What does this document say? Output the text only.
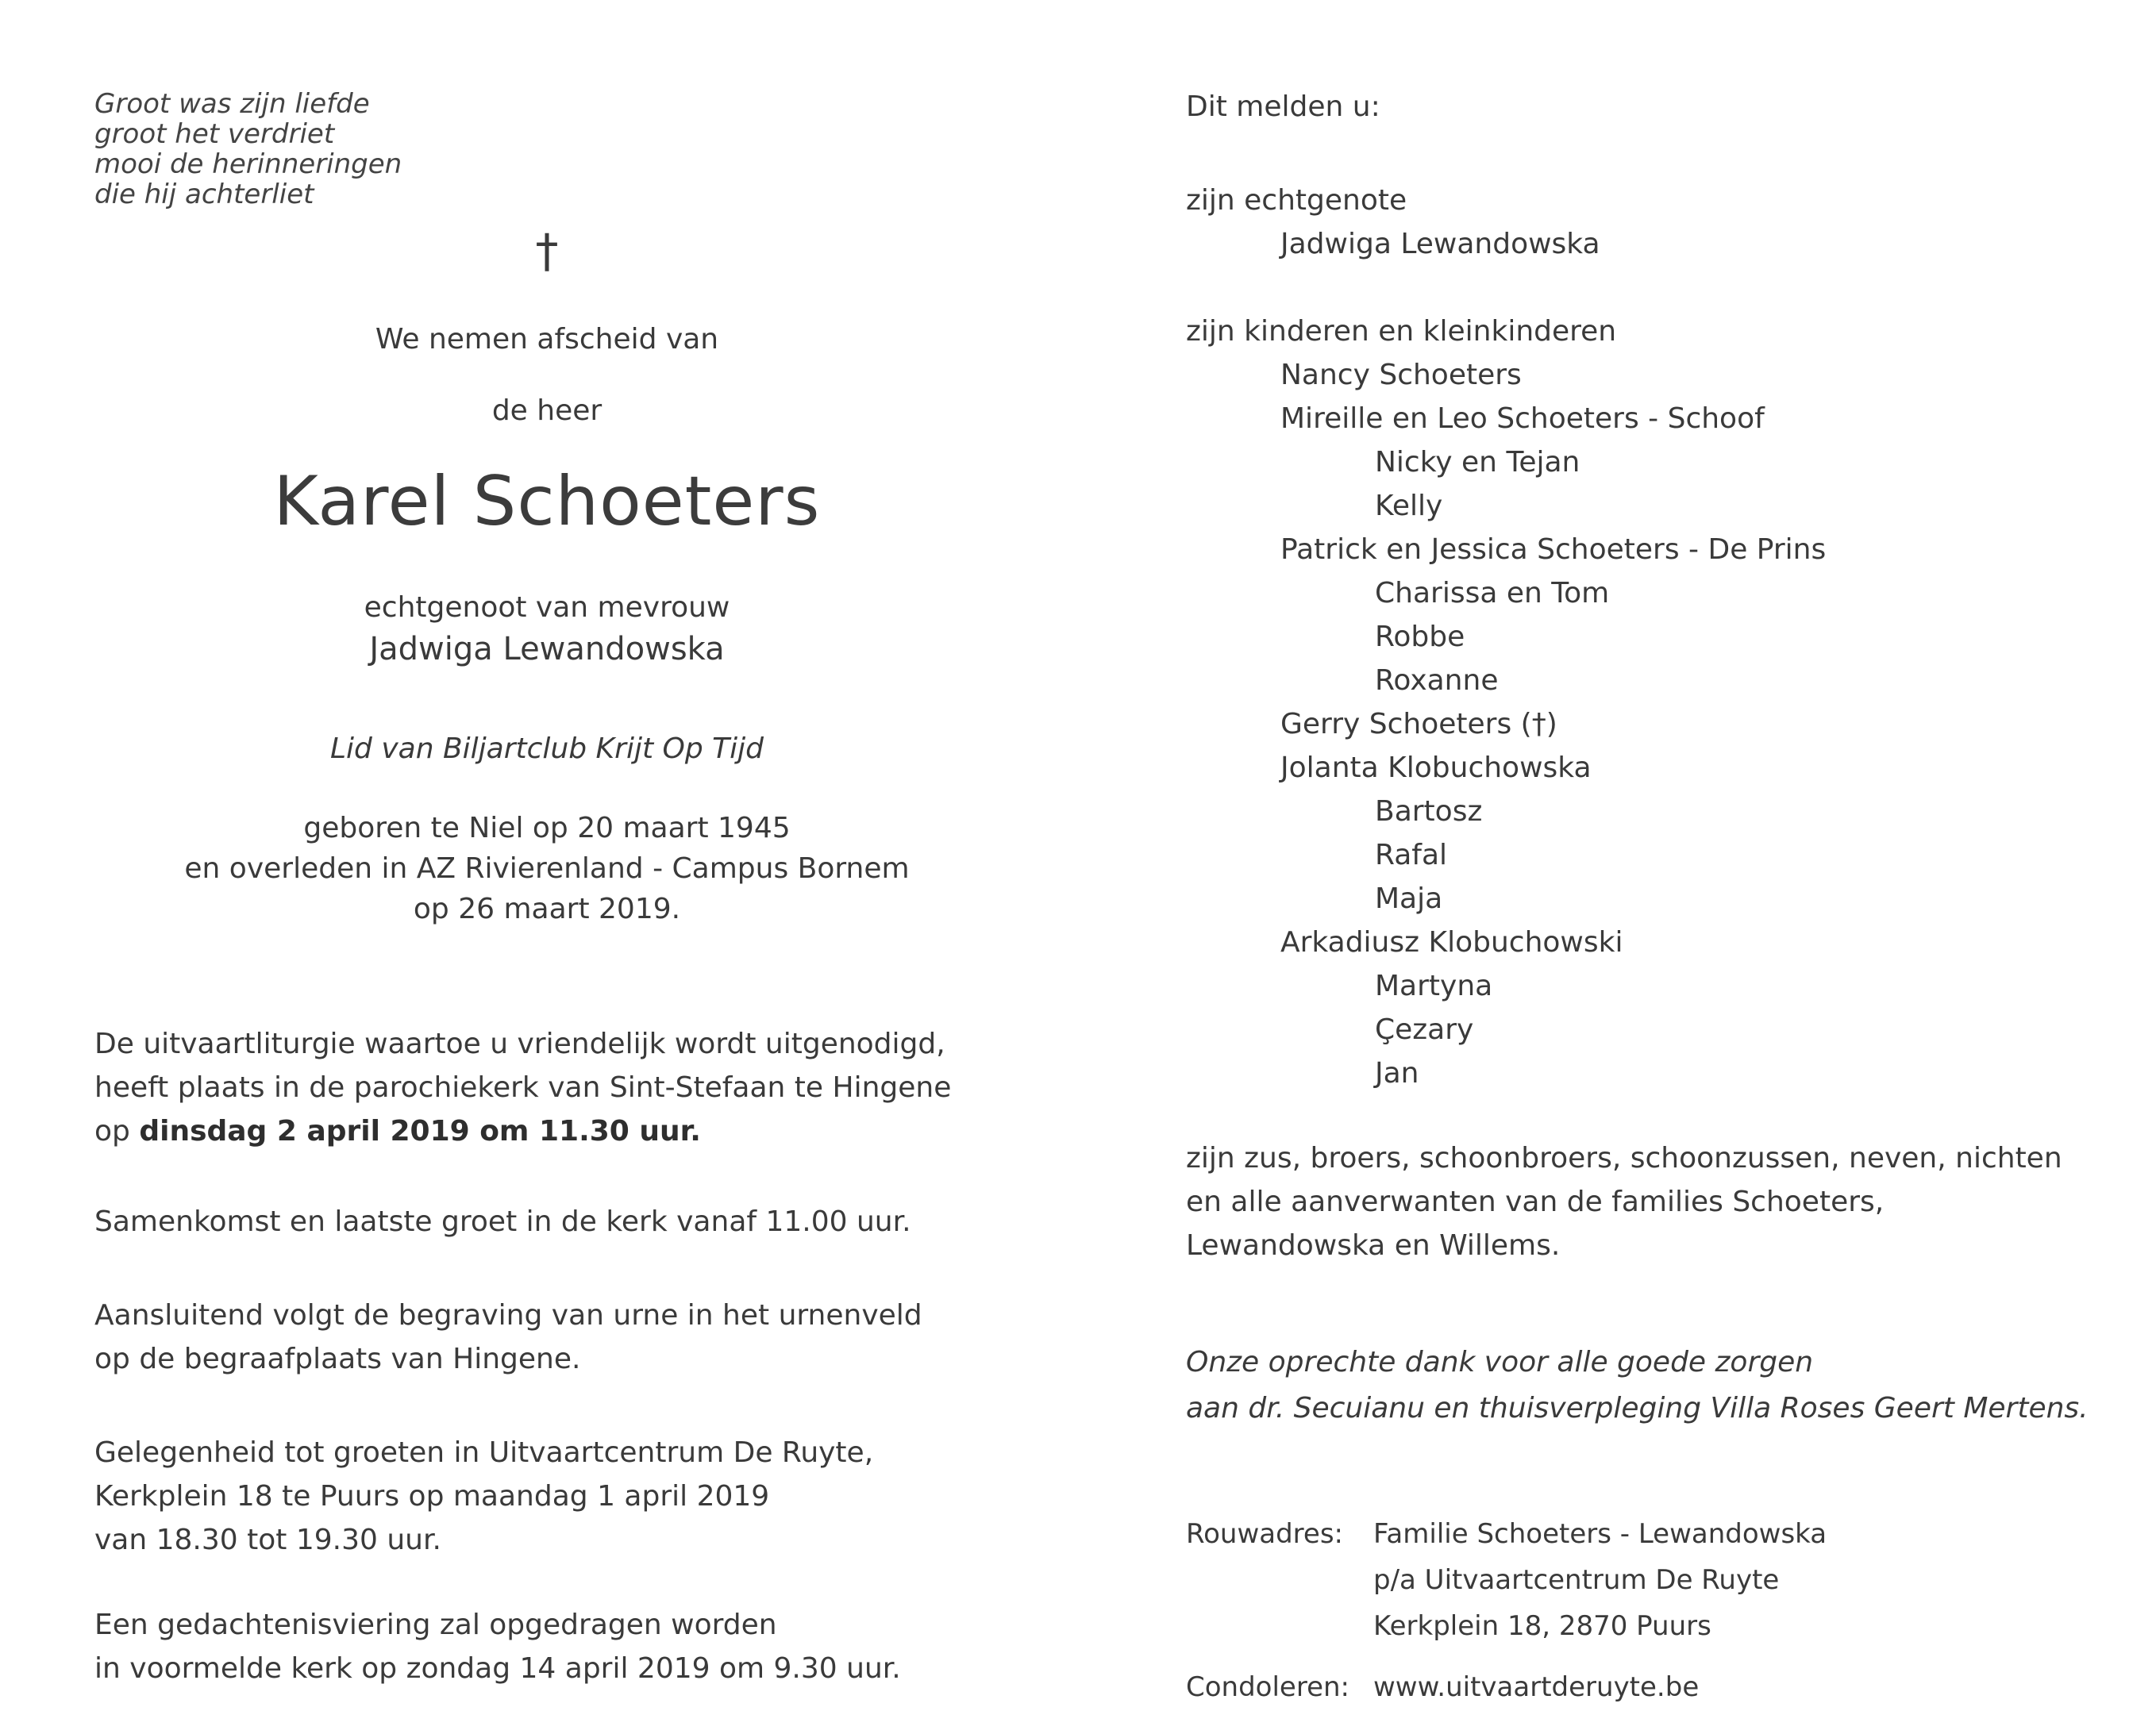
Groot was zijn liefde
groot het verdriet
mooi de herinneringen
die hij achterliet
†
We nemen afscheid van
de heer
Karel Schoeters
echtgenoot van mevrouw
Jadwiga Lewandowska
Lid van Biljartclub Krijt Op Tijd
geboren te Niel op 20 maart 1945
en overleden in AZ Rivierenland - Campus Bornem
op 26 maart 2019.
De uitvaartliturgie waartoe u vriendelijk wordt uitgenodigd,
heeft plaats in de parochiekerk van Sint-Stefaan te Hingene
op dinsdag 2 april 2019 om 11.30 uur.
Samenkomst en laatste groet in de kerk vanaf 11.00 uur.
Aansluitend volgt de begraving van urne in het urnenveld
op de begraafplaats van Hingene.
Gelegenheid tot groeten in Uitvaartcentrum De Ruyte,
Kerkplein 18 te Puurs op maandag 1 april 2019
van 18.30 tot 19.30 uur.
Een gedachtenisviering zal opgedragen worden
in voormelde kerk op zondag 14 april 2019 om 9.30 uur.
Dit melden u:
zijn echtgenote
Jadwiga Lewandowska
zijn kinderen en kleinkinderen
Nancy Schoeters
Mireille en Leo Schoeters - Schoof
Nicky en Tejan
Kelly
Patrick en Jessica Schoeters - De Prins
Charissa en Tom
Robbe
Roxanne
Gerry Schoeters (†)
Jolanta Klobuchowska
Bartosz
Rafal
Maja
Arkadiusz Klobuchowski
Martyna
Çezary
Jan
zijn zus, broers, schoonbroers, schoonzussen, neven, nichten
en alle aanverwanten van de families Schoeters,
Lewandowska en Willems.
Onze oprechte dank voor alle goede zorgen
aan dr. Secuianu en thuisverpleging Villa Roses Geert Mertens.
Rouwadres: Familie Schoeters - Lewandowska
p/a Uitvaartcentrum De Ruyte
Kerkplein 18, 2870 Puurs
Condoleren: www.uitvaartderuyte.be
